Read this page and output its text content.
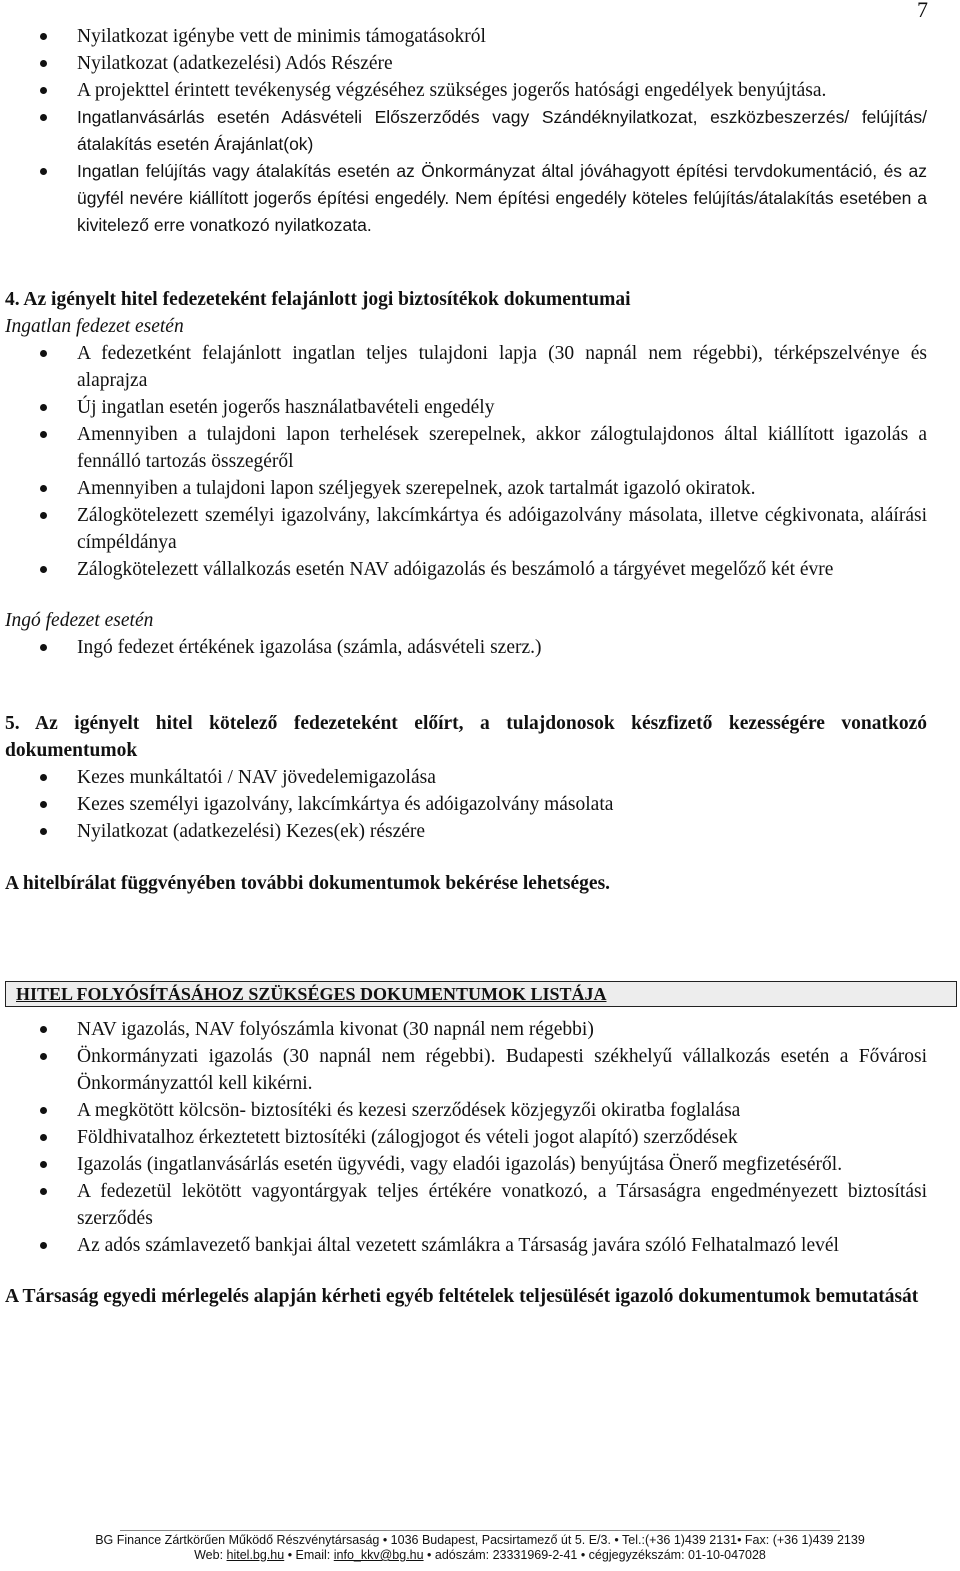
7
Nyilatkozat igénybe vett de minimis támogatásokról
Nyilatkozat (adatkezelési) Adós Részére
A projekttel érintett tevékenység végzéséhez szükséges jogerős hatósági engedélyek benyújtása.
Ingatlanvásárlás esetén Adásvételi Előszerződés vagy Szándéknyilatkozat, eszközbeszerzés/ felújítás/átalakítás esetén Árajánlat(ok)
Ingatlan felújítás vagy átalakítás esetén az Önkormányzat által jóváhagyott építési tervdokumentáció, és az ügyfél nevére kiállított jogerős építési engedély. Nem építési engedély köteles felújítás/átalakítás esetében a kivitelező erre vonatkozó nyilatkozata.
4. Az igényelt hitel fedezeteként felajánlott jogi biztosítékok dokumentumai
Ingatlan fedezet esetén
A fedezetként felajánlott ingatlan teljes tulajdoni lapja (30 napnál nem régebbi), térképszelvénye és alaprajza
Új ingatlan esetén jogerős használatbavételi engedély
Amennyiben a tulajdoni lapon terhelések szerepelnek, akkor zálogtulajdonos által kiállított igazolás a fennálló tartozás összegéről
Amennyiben a tulajdoni lapon széljegyek szerepelnek, azok tartalmát igazoló okiratok.
Zálogkötelezett személyi igazolvány, lakcímkártya és adóigazolvány másolata, illetve cégkivonata, aláírási címpéldánya
Zálogkötelezett vállalkozás esetén NAV adóigazolás és beszámoló a tárgyévet megelőző két évre
Ingó fedezet esetén
Ingó fedezet értékének igazolása (számla, adásvételi szerz.)
5. Az igényelt hitel kötelező fedezeteként előírt, a tulajdonosok készfizető kezességére vonatkozó dokumentumok
Kezes munkáltatói / NAV jövedelemigazolása
Kezes személyi igazolvány, lakcímkártya és adóigazolvány másolata
Nyilatkozat (adatkezelési) Kezes(ek) részére
A hitelbírálat függvényében további dokumentumok bekérése lehetséges.
HITEL FOLYÓSÍTÁSÁHOZ SZÜKSÉGES DOKUMENTUMOK LISTÁJA
NAV igazolás, NAV folyószámla kivonat (30 napnál nem régebbi)
Önkormányzati igazolás (30 napnál nem régebbi). Budapesti székhelyű vállalkozás esetén a Fővárosi Önkormányzattól kell kikérni.
A megkötött kölcsön- biztosítéki és kezesi szerződések közjegyzői okiratba foglalása
Földhivatalhoz érkeztetett biztosítéki (zálogjogot és vételi jogot alapító) szerződések
Igazolás (ingatlanvásárlás esetén ügyvédi, vagy eladói igazolás) benyújtása Önerő megfizetéséről.
A fedezetül lekötött vagyontárgyak teljes értékére vonatkozó, a Társaságra engedményezett biztosítási szerződés
Az adós számlavezető bankjai által vezetett számlákra a Társaság javára szóló Felhatalmazó levél
A Társaság egyedi mérlegelés alapján kérheti egyéb feltételek teljesülését igazoló dokumentumok bemutatását
BG Finance Zártkörűen Működő Részvénytársaság • 1036 Budapest, Pacsirtamező út 5. E/3. • Tel.:(+36 1)439 2131• Fax: (+36 1)439 2139
Web: hitel.bg.hu • Email: info_kkv@bg.hu • adószám: 23331969-2-41 • cégjegyzékszám: 01-10-047028
